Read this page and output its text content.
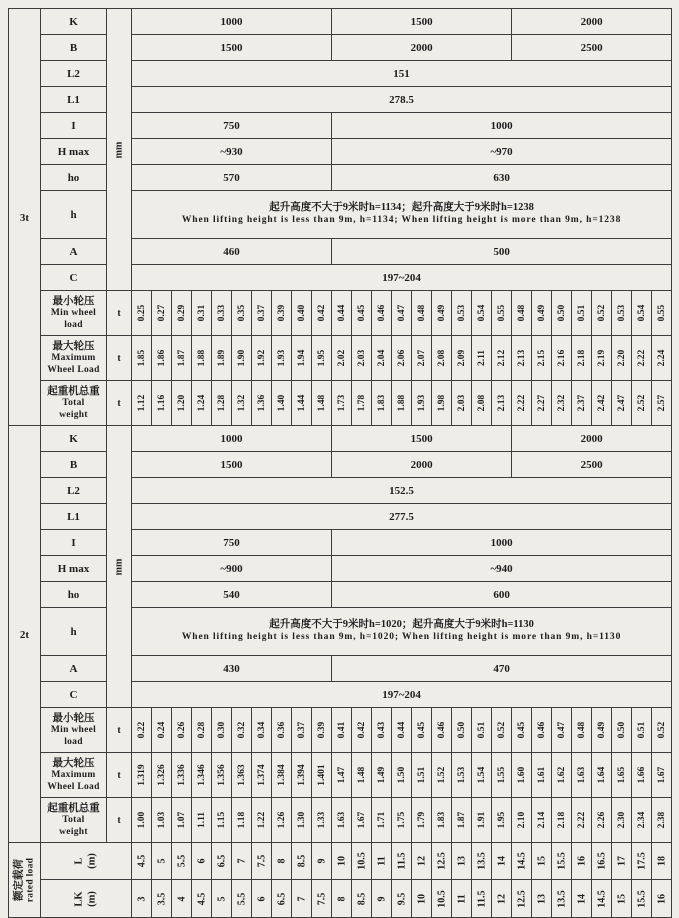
3t	K	mm	1000										1500									2000							
	B		1500										2000									2500							
	L2		151																										
	L1		278.5																										
	I		750										1000																
	H max		~930										~970																
	ho		570										630																
	h		起升高度不大于9米时h=1134；起升高度大于9米时h=1238
When lifting height is less than 9m, h=1134; When lifting height is more than 9m, h=1238																										

	A		460										500																
	C		197~204																										

	最小轮压
Min wheel
load	t	0.25	0.27	0.29	0.31	0.33	0.35	0.37	0.39	0.40	0.42	0.44	0.45	0.46	0.47	0.48	0.49	0.53	0.54	0.55	0.48	0.49	0.50	0.51	0.52	0.53	0.54	0.55

	最大轮压
Maximum
Wheel Load	t	1.85	1.86	1.87	1.88	1.89	1.90	1.92	1.93	1.94	1.95	2.02	2.03	2.04	2.06	2.07	2.08	2.09	2.11	2.12	2.13	2.15	2.16	2.18	2.19	2.20	2.22	2.24

	起重机总重
Total
weight	t	1.12	1.16	1.20	1.24	1.28	1.32	1.36	1.40	1.44	1.48	1.73	1.78	1.83	1.88	1.93	1.98	2.03	2.08	2.13	2.22	2.27	2.32	2.37	2.42	2.47	2.52	2.57

2t	K	mm	1000										1500									2000							
	B		1500										2000									2500							
	L2		152.5																										
	L1		277.5																										
	I		750										1000																
	H max		~900										~940																
	ho		540										600																
	h		起升高度不大于9米时h=1020；起升高度大于9米时h=1130
When lifting height is less than 9m, h=1020; When lifting height is more than 9m, h=1130																										

	A		430										470																
	C		197~204																										

	最小轮压
Min wheel
load	t	0.22	0.24	0.26	0.28	0.30	0.32	0.34	0.36	0.37	0.39	0.41	0.42	0.43	0.44	0.45	0.46	0.50	0.51	0.52	0.45	0.46	0.47	0.48	0.49	0.50	0.51	0.52

	最大轮压
Maximum
Wheel Load	t	1.319	1.326	1.336	1.346	1.356	1.363	1.374	1.384	1.394	1.401	1.47	1.48	1.49	1.50	1.51	1.52	1.53	1.54	1.55	1.60	1.61	1.62	1.63	1.64	1.65	1.66	1.67

	起重机总重
Total
weight	t	1.00	1.03	1.07	1.11	1.15	1.18	1.22	1.26	1.30	1.33	1.63	1.67	1.71	1.75	1.79	1.83	1.87	1.91	1.95	2.10	2.14	2.18	2.22	2.26	2.30	2.34	2.38

额定载荷 rated load	L (m)	4.5	5	5.5	6	6.5	7	7.5	8	8.5	9	10	10.5	11	11.5	12	12.5	13	13.5	14	14.5	15	15.5	16	16.5	17	17.5	18

	LK (m)		3	3.5	4	4.5	5	5.5	6	6.5	7	7.5	8	8.5	9	9.5	10	10.5	11	11.5	12	12.5	13	13.5	14	14.5	15	15.5	16
